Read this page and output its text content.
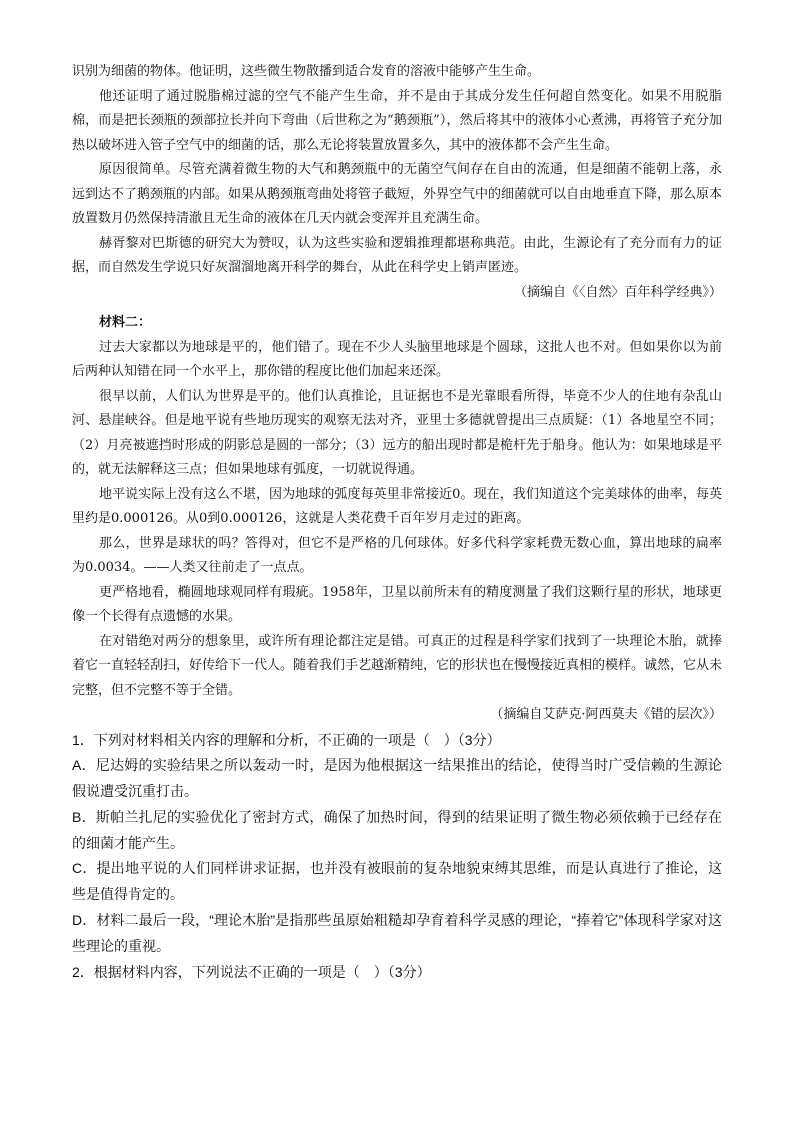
识别为细菌的物体。他证明，这些微生物散播到适合发育的溶液中能够产生生命。

他还证明了通过脱脂棉过滤的空气不能产生生命，并不是由于其成分发生任何超自然变化。如果不用脱脂棉，而是把长颈瓶的颈部拉长并向下弯曲（后世称之为“鹅颈瓶”），然后将其中的液体小心煮沸，再将管子充分加热以破坏进入管子空气中的细菌的话，那么无论将装置放置多久，其中的液体都不会产生生命。

原因很简单。尽管充满着微生物的大气和鹅颈瓶中的无菌空气间存在自由的流通，但是细菌不能朝上落，永远到达不了鹅颈瓶的内部。如果从鹅颈瓶弯曲处将管子截短，外界空气中的细菌就可以自由地垂直下降，那么原本放置数月仍然保持清澈且无生命的液体在几天内就会变浑并且充满生命。

赫胥黎对巴斯德的研究大为赞叹，认为这些实验和逻辑推理都堪称典范。由此，生源论有了充分而有力的证据，而自然发生学说只好灰溜溜地离开科学的舞台，从此在科学史上销声匿迹。

（摘编自《〈自然〉百年科学经典》）

材料二：

过去大家都以为地球是平的，他们错了。现在不少人头脑里地球是个圆球，这批人也不对。但如果你以为前后两种认知错在同一个水平上，那你错的程度比他们加起来还深。

很早以前，人们认为世界是平的。他们认真推论，且证据也不是光靠眼看所得，毕竟不少人的住地有杂乱山河、悬崖峡谷。但是地平说有些地历现实的观察无法对齐，亚里士多德就曾提出三点质疑：（1）各地星空不同；（2）月亮被遮挡时形成的阴影总是圆的一部分；（3）远方的船出现时都是桅杆先于船身。他认为：如果地球是平的，就无法解释这三点；但如果地球有弧度，一切就说得通。

地平说实际上没有这么不堪，因为地球的弧度每英里非常接近0。现在，我们知道这个完美球体的曲率，每英里约是0.000126。从0到0.000126，这就是人类花费千百年岁月走过的距离。

那么，世界是球状的吗？答得对，但它不是严格的几何球体。好多代科学家耗费无数心血，算出地球的扁率为0.0034。——人类又往前走了一点点。

更严格地看，椭圆地球观同样有瑕疵。1958年，卫星以前所未有的精度测量了我们这颗行星的形状，地球更像一个长得有点遗憾的水果。

在对错绝对两分的想象里，或许所有理论都注定是错。可真正的过程是科学家们找到了一块理论木胎，就捧着它一直轻轻刮扫，好传给下一代人。随着我们手艺越渐精纯，它的形状也在慢慢接近真相的模样。诚然，它从未完整，但不完整不等于全错。

（摘编自艾萨克·阿西莫夫《错的层次》）

1．下列对材料相关内容的理解和分析，不正确的一项是（　）（3分）

A．尼达姆的实验结果之所以轰动一时，是因为他根据这一结果推出的结论，使得当时广受信赖的生源论假说遭受沉重打击。

B．斯帕兰扎尼的实验优化了密封方式，确保了加热时间，得到的结果证明了微生物必须依赖于已经存在的细菌才能产生。

C．提出地平说的人们同样讲求证据，也并没有被眼前的复杂地貌束缚其思维，而是认真进行了推论，这些是值得肯定的。

D．材料二最后一段，“理论木胎”是指那些虽原始粗糙却孕育着科学灵感的理论，“捧着它”体现科学家对这些理论的重视。

2．根据材料内容，下列说法不正确的一项是（　）（3分）
